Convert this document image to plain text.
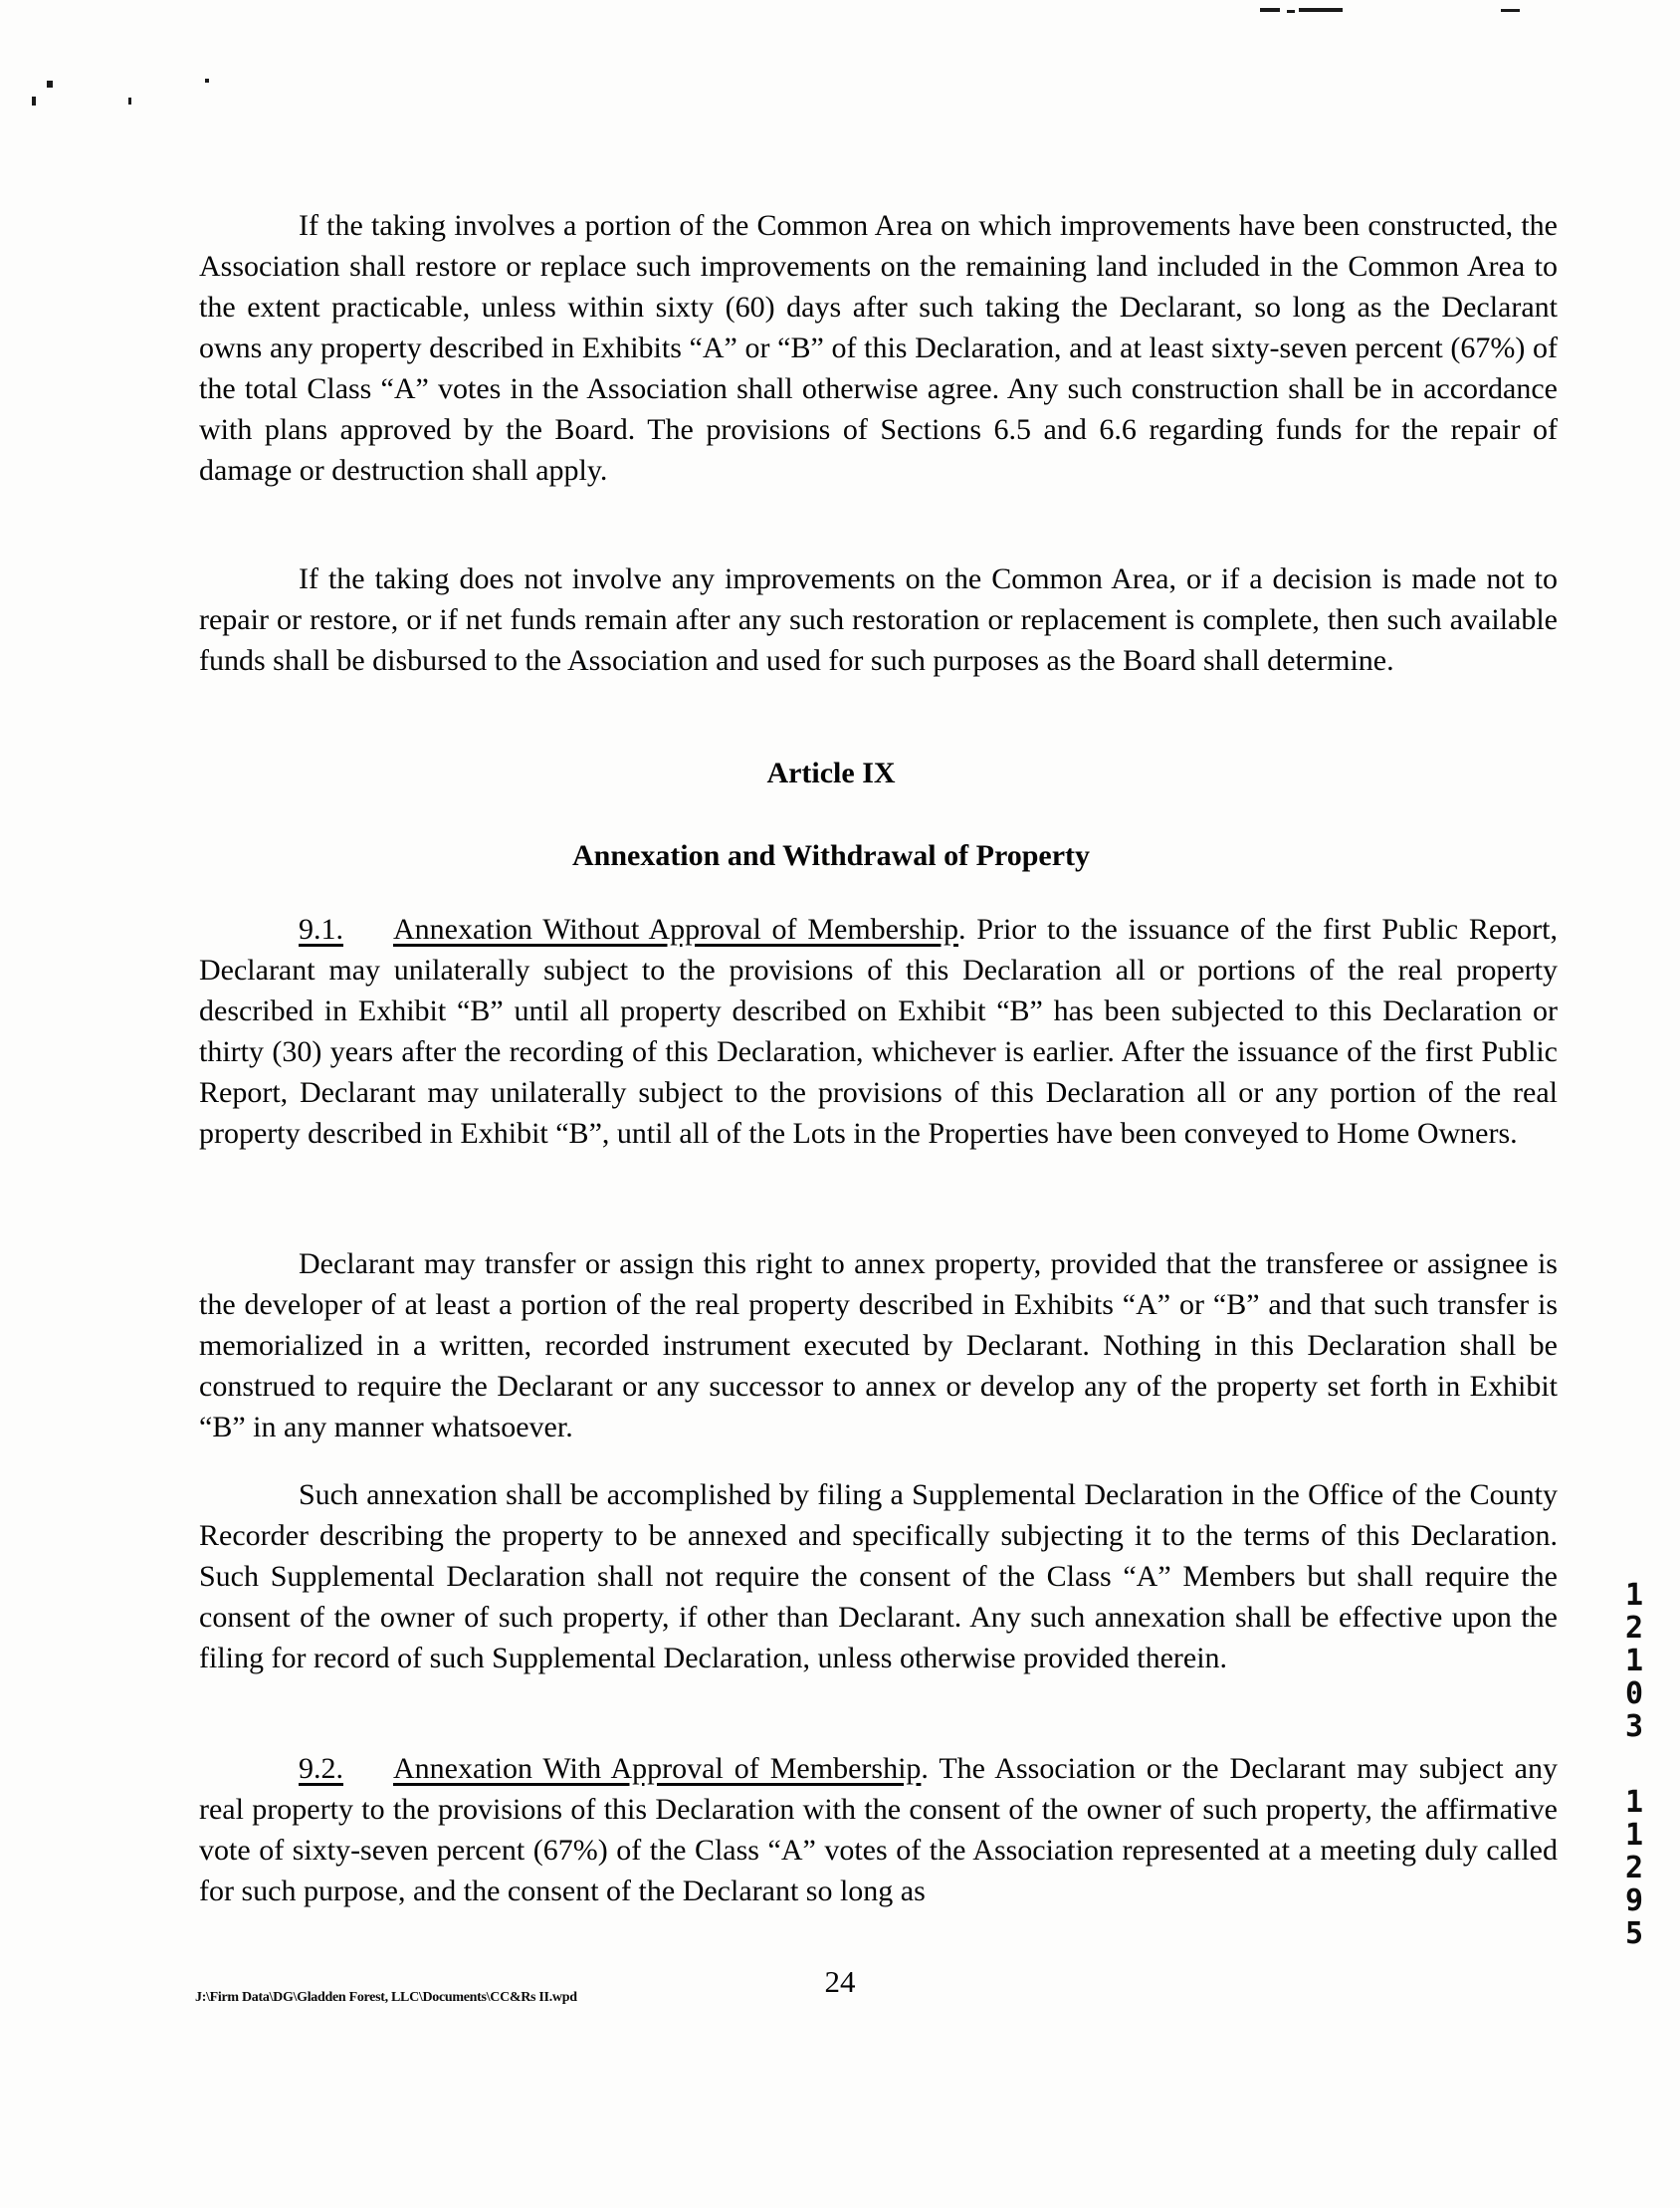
If the taking involves a portion of the Common Area on which improvements have been constructed, the Association shall restore or replace such improvements on the remaining land included in the Common Area to the extent practicable, unless within sixty (60) days after such taking the Declarant, so long as the Declarant owns any property described in Exhibits “A” or “B” of this Declaration, and at least sixty-seven percent (67%) of the total Class “A” votes in the Association shall otherwise agree. Any such construction shall be in accordance with plans approved by the Board. The provisions of Sections 6.5 and 6.6 regarding funds for the repair of damage or destruction shall apply.

If the taking does not involve any improvements on the Common Area, or if a decision is made not to repair or restore, or if net funds remain after any such restoration or replacement is complete, then such available funds shall be disbursed to the Association and used for such purposes as the Board shall determine.

Article IX
Annexation and Withdrawal of Property

9.1. Annexation Without Approval of Membership. Prior to the issuance of the first Public Report, Declarant may unilaterally subject to the provisions of this Declaration all or portions of the real property described in Exhibit “B” until all property described on Exhibit “B” has been subjected to this Declaration or thirty (30) years after the recording of this Declaration, whichever is earlier. After the issuance of the first Public Report, Declarant may unilaterally subject to the provisions of this Declaration all or any portion of the real property described in Exhibit “B”, until all of the Lots in the Properties have been conveyed to Home Owners.

Declarant may transfer or assign this right to annex property, provided that the transferee or assignee is the developer of at least a portion of the real property described in Exhibits “A” or “B” and that such transfer is memorialized in a written, recorded instrument executed by Declarant. Nothing in this Declaration shall be construed to require the Declarant or any successor to annex or develop any of the property set forth in Exhibit “B” in any manner whatsoever.

Such annexation shall be accomplished by filing a Supplemental Declaration in the Office of the County Recorder describing the property to be annexed and specifically subjecting it to the terms of this Declaration. Such Supplemental Declaration shall not require the consent of the Class “A” Members but shall require the consent of the owner of such property, if other than Declarant. Any such annexation shall be effective upon the filing for record of such Supplemental Declaration, unless otherwise provided therein.

9.2. Annexation With Approval of Membership. The Association or the Declarant may subject any real property to the provisions of this Declaration with the consent of the owner of such property, the affirmative vote of sixty-seven percent (67%) of the Class “A” votes of the Association represented at a meeting duly called for such purpose, and the consent of the Declarant so long as

12103
11295
J:\Firm Data\DG\Gladden Forest, LLC\Documents\CC&Rs II.wpd	24
